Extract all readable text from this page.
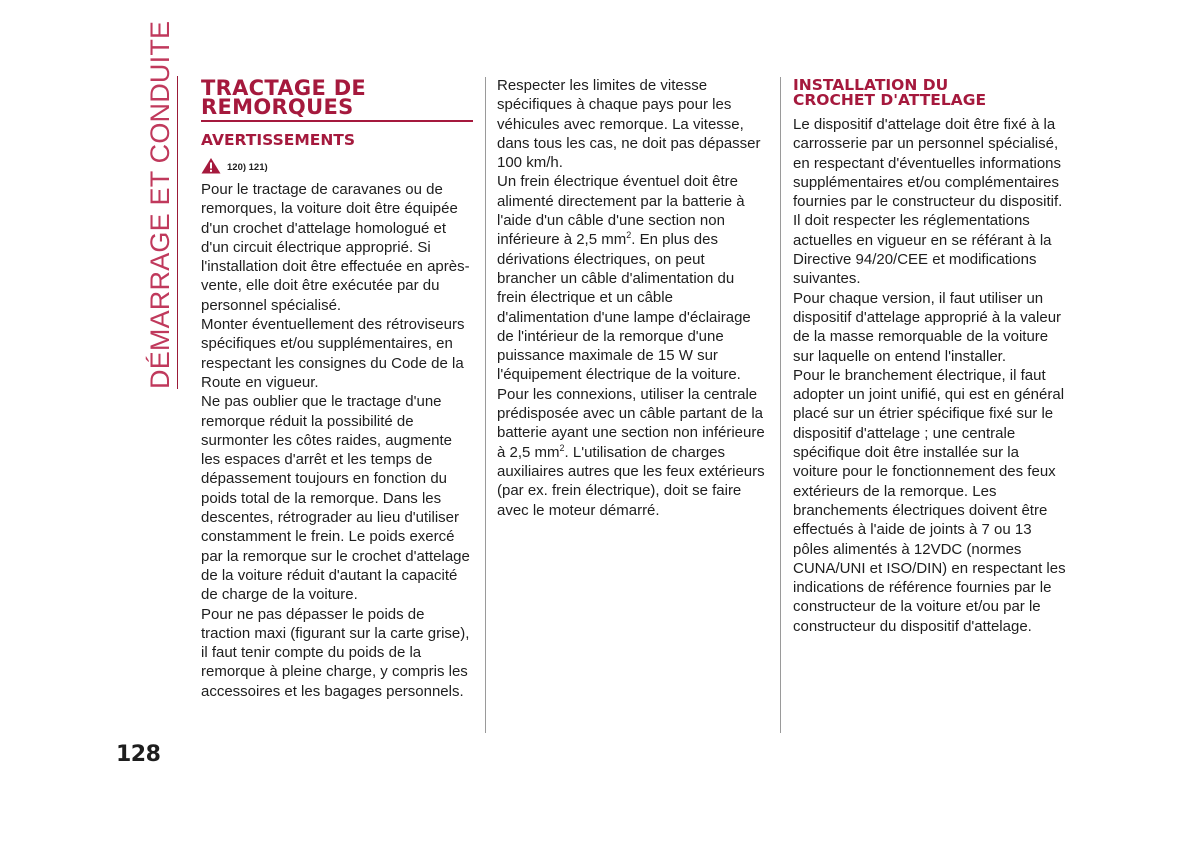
DÉMARRAGE ET CONDUITE
128
TRACTAGE DE
REMORQUES
AVERTISSEMENTS
120) 121)

Pour le tractage de caravanes ou de remorques, la voiture doit être équipée d'un crochet d'attelage homologué et d'un circuit électrique approprié. Si l'installation doit être effectuée en après-vente, elle doit être exécutée par du personnel spécialisé.

Monter éventuellement des rétroviseurs spécifiques et/ou supplémentaires, en respectant les consignes du Code de la Route en vigueur.

Ne pas oublier que le tractage d'une remorque réduit la possibilité de surmonter les côtes raides, augmente les espaces d'arrêt et les temps de dépassement toujours en fonction du poids total de la remorque. Dans les descentes, rétrograder au lieu d'utiliser constamment le frein. Le poids exercé par la remorque sur le crochet d'attelage de la voiture réduit d'autant la capacité de charge de la voiture.

Pour ne pas dépasser le poids de traction maxi (figurant sur la carte grise), il faut tenir compte du poids de la remorque à pleine charge, y compris les accessoires et les bagages personnels.

Respecter les limites de vitesse spécifiques à chaque pays pour les véhicules avec remorque. La vitesse, dans tous les cas, ne doit pas dépasser 100 km/h.

Un frein électrique éventuel doit être alimenté directement par la batterie à l'aide d'un câble d'une section non inférieure à 2,5 $mm^2$. En plus des dérivations électriques, on peut brancher un câble d'alimentation du frein électrique et un câble d'alimentation d'une lampe d'éclairage de l'intérieur de la remorque d'une puissance maximale de 15 W sur l'équipement électrique de la voiture.

Pour les connexions, utiliser la centrale prédisposée avec un câble partant de la batterie ayant une section non inférieure à 2,5 $mm^2$. L'utilisation de charges auxiliaires autres que les feux extérieurs (par ex. frein électrique), doit se faire avec le moteur démarré.

INSTALLATION DU
CROCHET D'ATTELAGE

Le dispositif d'attelage doit être fixé à la carrosserie par un personnel spécialisé, en respectant d'éventuelles informations supplémentaires et/ou complémentaires fournies par le constructeur du dispositif. Il doit respecter les réglementations actuelles en vigueur en se référant à la Directive 94/20/CEE et modifications suivantes.

Pour chaque version, il faut utiliser un dispositif d'attelage approprié à la valeur de la masse remorquable de la voiture sur laquelle on entend l'installer.

Pour le branchement électrique, il faut adopter un joint unifié, qui est en général placé sur un étrier spécifique fixé sur le dispositif d'attelage ; une centrale spécifique doit être installée sur la voiture pour le fonctionnement des feux extérieurs de la remorque. Les branchements électriques doivent être effectués à l'aide de joints à 7 ou 13 pôles alimentés à 12VDC (normes CUNA/UNI et ISO/DIN) en respectant les indications de référence fournies par le constructeur de la voiture et/ou par le constructeur du dispositif d'attelage.
